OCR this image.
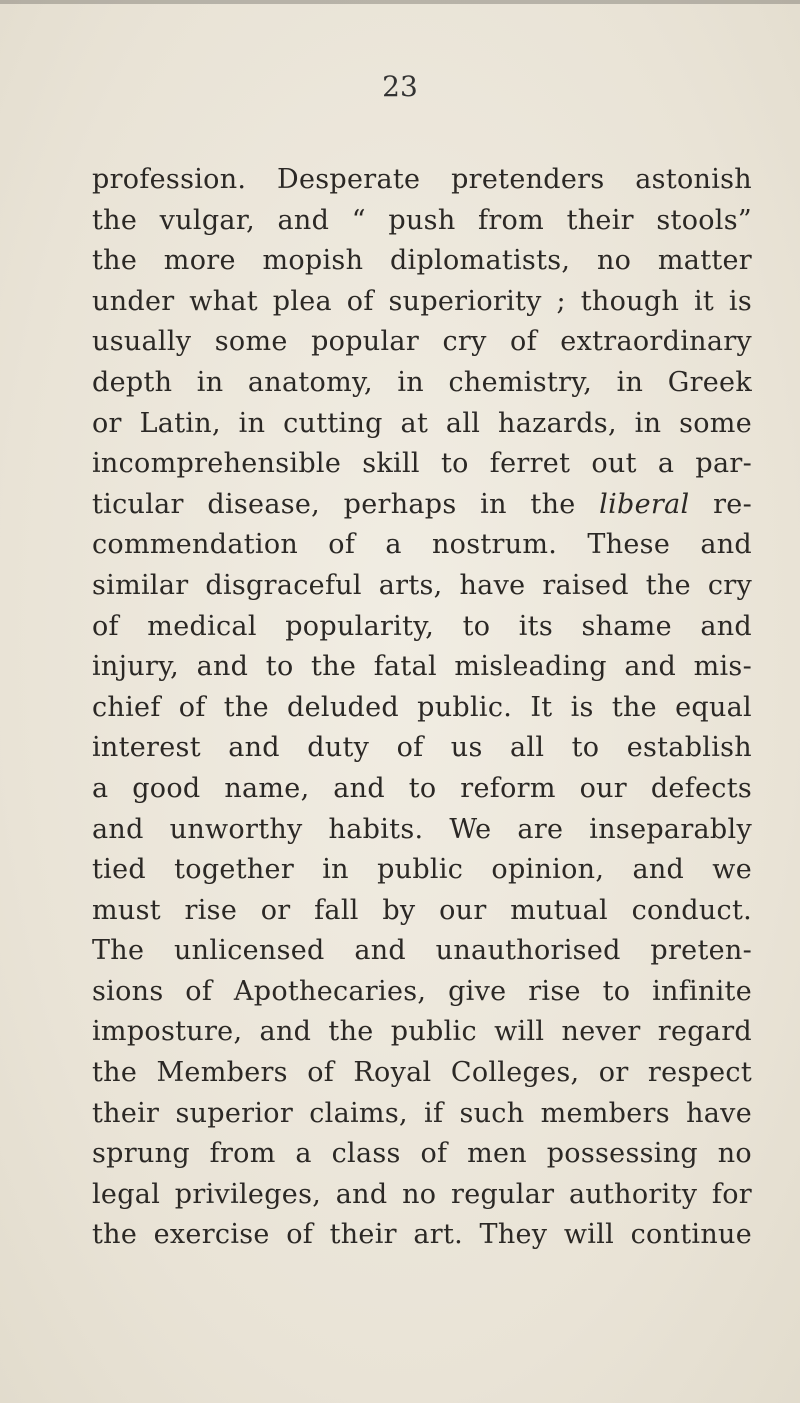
23
profession. Desperate pretenders astonish
the vulgar, and “ push from their stools”
the more mopish diplomatists, no matter
under what plea of superiority ; though it is
usually some popular cry of extraordinary
depth in anatomy, in chemistry, in Greek
or Latin, in cutting at all hazards, in some
incomprehensible skill to ferret out a par-
ticular disease, perhaps in the liberal re-
commendation of a nostrum. These and
similar disgraceful arts, have raised the cry
of medical popularity, to its shame and
injury, and to the fatal misleading and mis-
chief of the deluded public. It is the equal
interest and duty of us all to establish
a good name, and to reform our defects
and unworthy habits. We are inseparably
tied together in public opinion, and we
must rise or fall by our mutual conduct.
The unlicensed and unauthorised preten-
sions of Apothecaries, give rise to infinite
imposture, and the public will never regard
the Members of Royal Colleges, or respect
their superior claims, if such members have
sprung from a class of men possessing no
legal privileges, and no regular authority for
the exercise of their art. They will continue
